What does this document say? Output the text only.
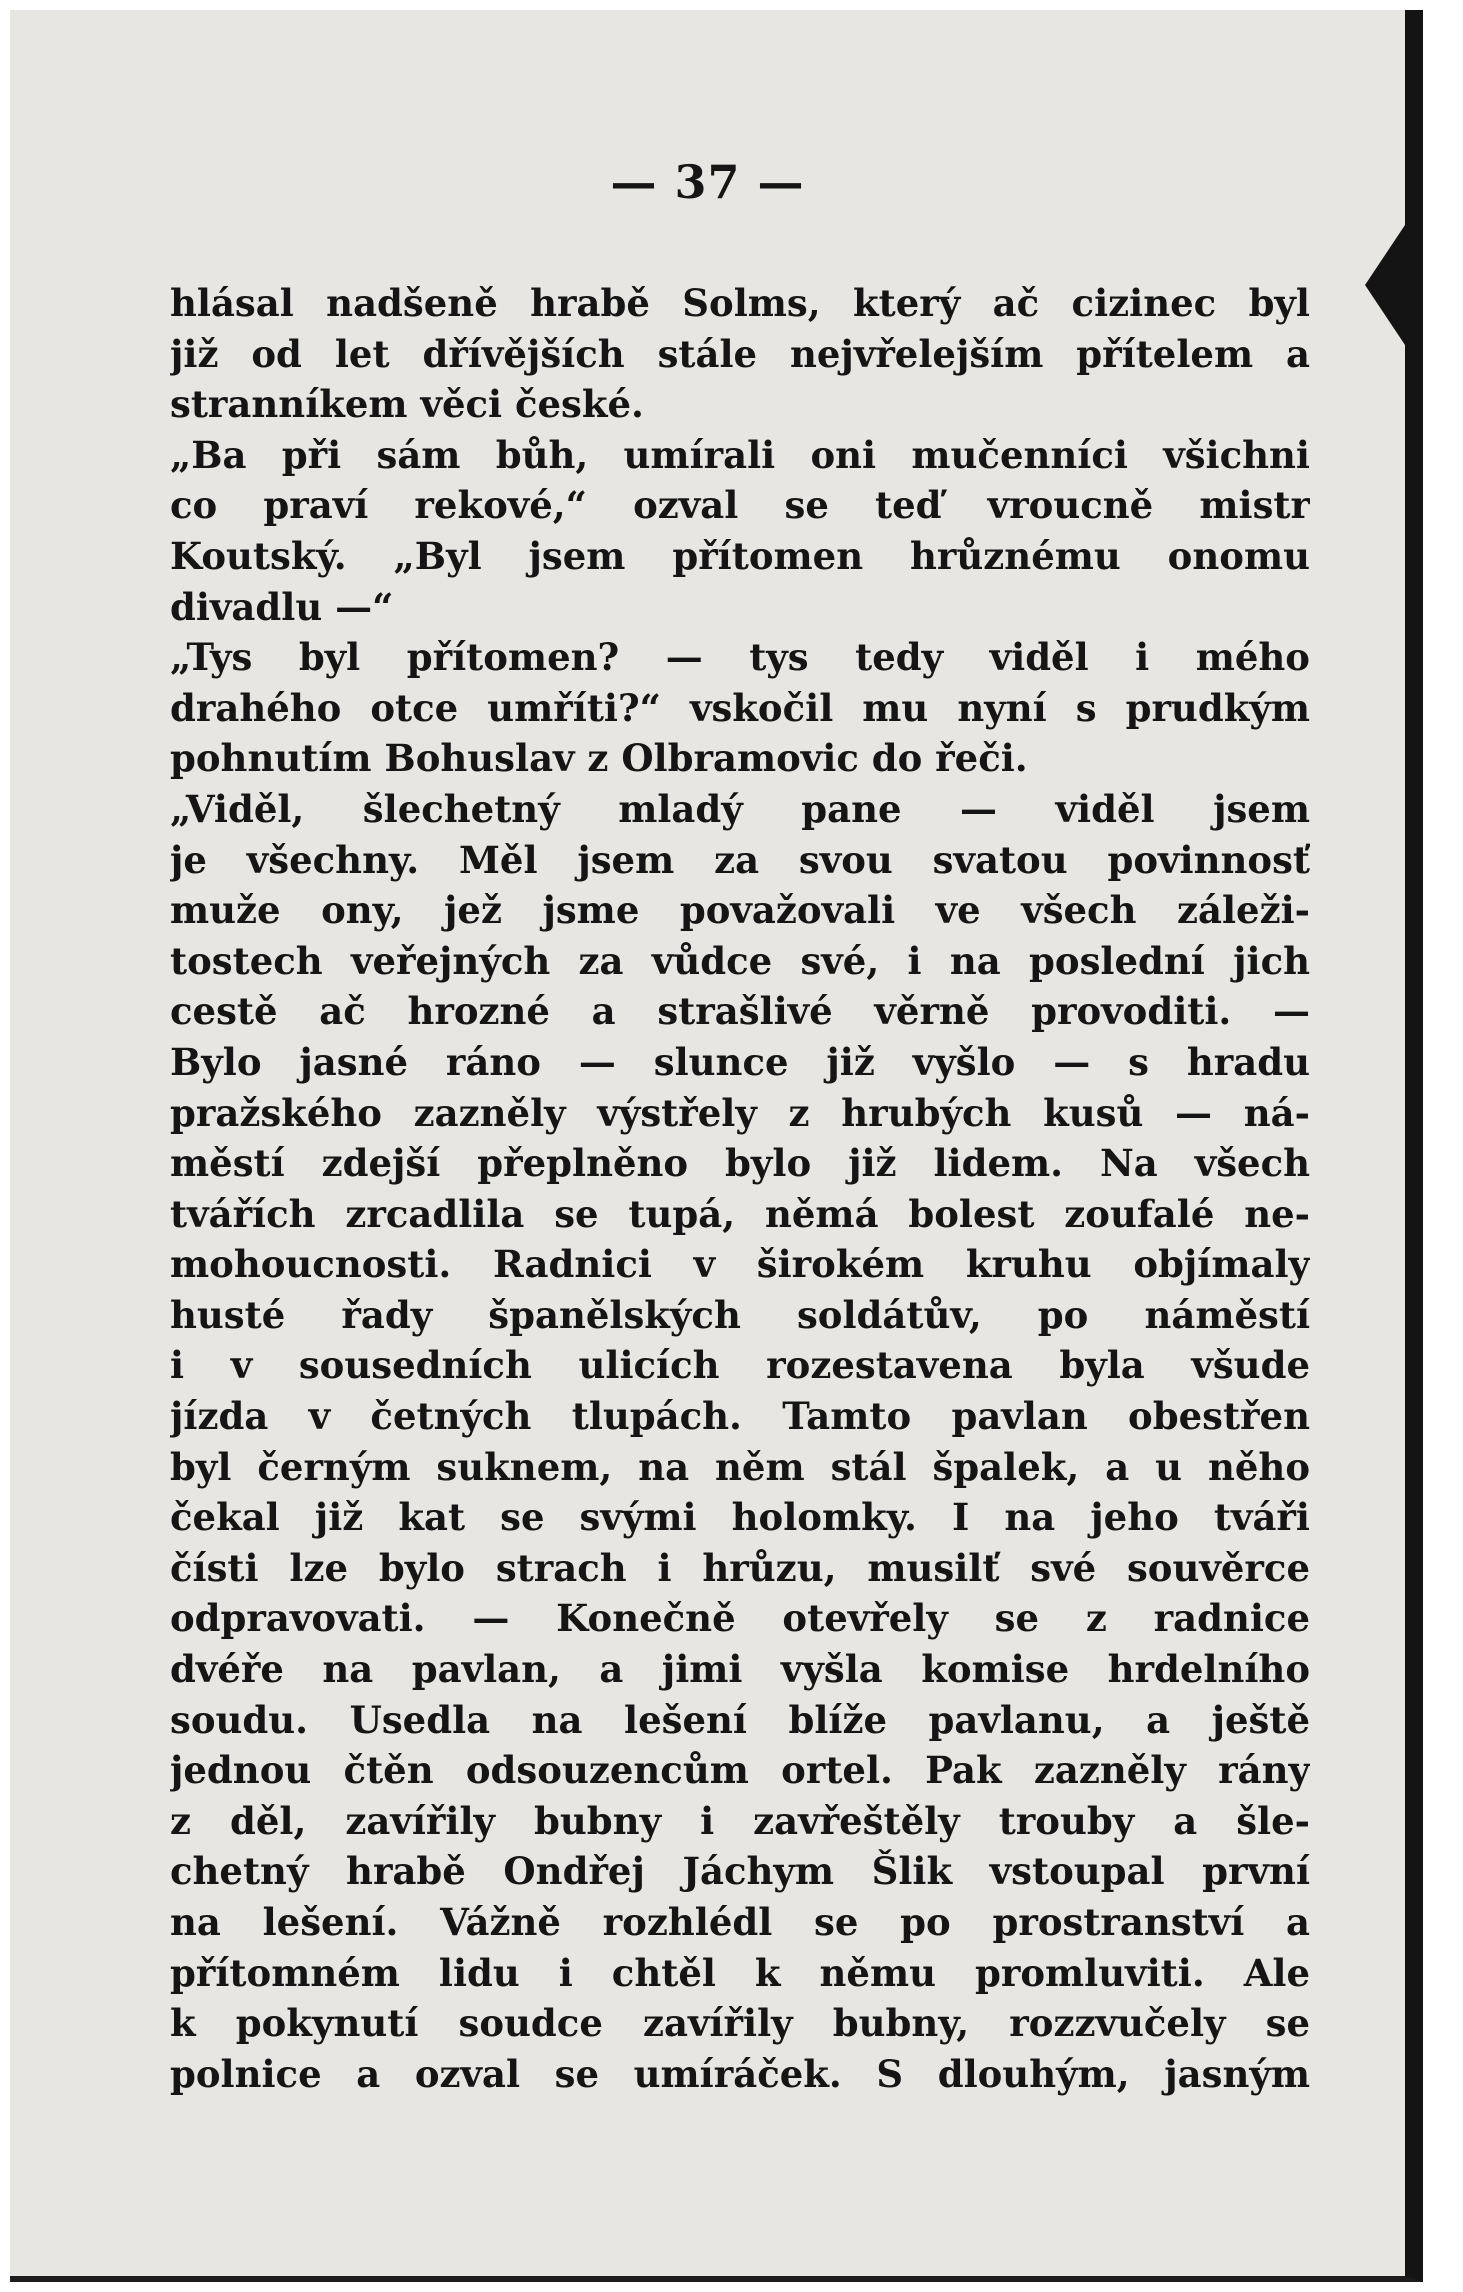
— 37 —
hlásal nadšeně hrabě Solms, který ač cizinec byl
již od let dřívějších stále nejvřelejším přítelem a
stranníkem věci české.
„Ba při sám bůh, umírali oni mučenníci všichni
co praví rekové,“ ozval se teď vroucně mistr
Koutský. „Byl jsem přítomen hrůznému onomu
divadlu —“
„Tys byl přítomen? — tys tedy viděl i mého
drahého otce umříti?“ vskočil mu nyní s prudkým
pohnutím Bohuslav z Olbramovic do řeči.
„Viděl, šlechetný mladý pane — viděl jsem
je všechny. Měl jsem za svou svatou povinnosť
muže ony, jež jsme považovali ve všech záleži-
tostech veřejných za vůdce své, i na poslední jich
cestě ač hrozné a strašlivé věrně provoditi. —
Bylo jasné ráno — slunce již vyšlo — s hradu
pražského zazněly výstřely z hrubých kusů — ná-
městí zdejší přeplněno bylo již lidem. Na všech
tvářích zrcadlila se tupá, němá bolest zoufalé ne-
mohoucnosti. Radnici v širokém kruhu objímaly
husté řady španělských soldátův, po náměstí
i v sousedních ulicích rozestavena byla všude
jízda v četných tlupách. Tamto pavlan obestřen
byl černým suknem, na něm stál špalek, a u něho
čekal již kat se svými holomky. I na jeho tváři
čísti lze bylo strach i hrůzu, musilť své souvěrce
odpravovati. — Konečně otevřely se z radnice
dvéře na pavlan, a jimi vyšla komise hrdelního
soudu. Usedla na lešení blíže pavlanu, a ještě
jednou čtěn odsouzencům ortel. Pak zazněly rány
z děl, zavířily bubny i zavřeštěly trouby a šle-
chetný hrabě Ondřej Jáchym Šlik vstoupal první
na lešení. Vážně rozhlédl se po prostranství a
přítomném lidu i chtěl k němu promluviti. Ale
k pokynutí soudce zavířily bubny, rozzvučely se
polnice a ozval se umíráček. S dlouhým, jasným
